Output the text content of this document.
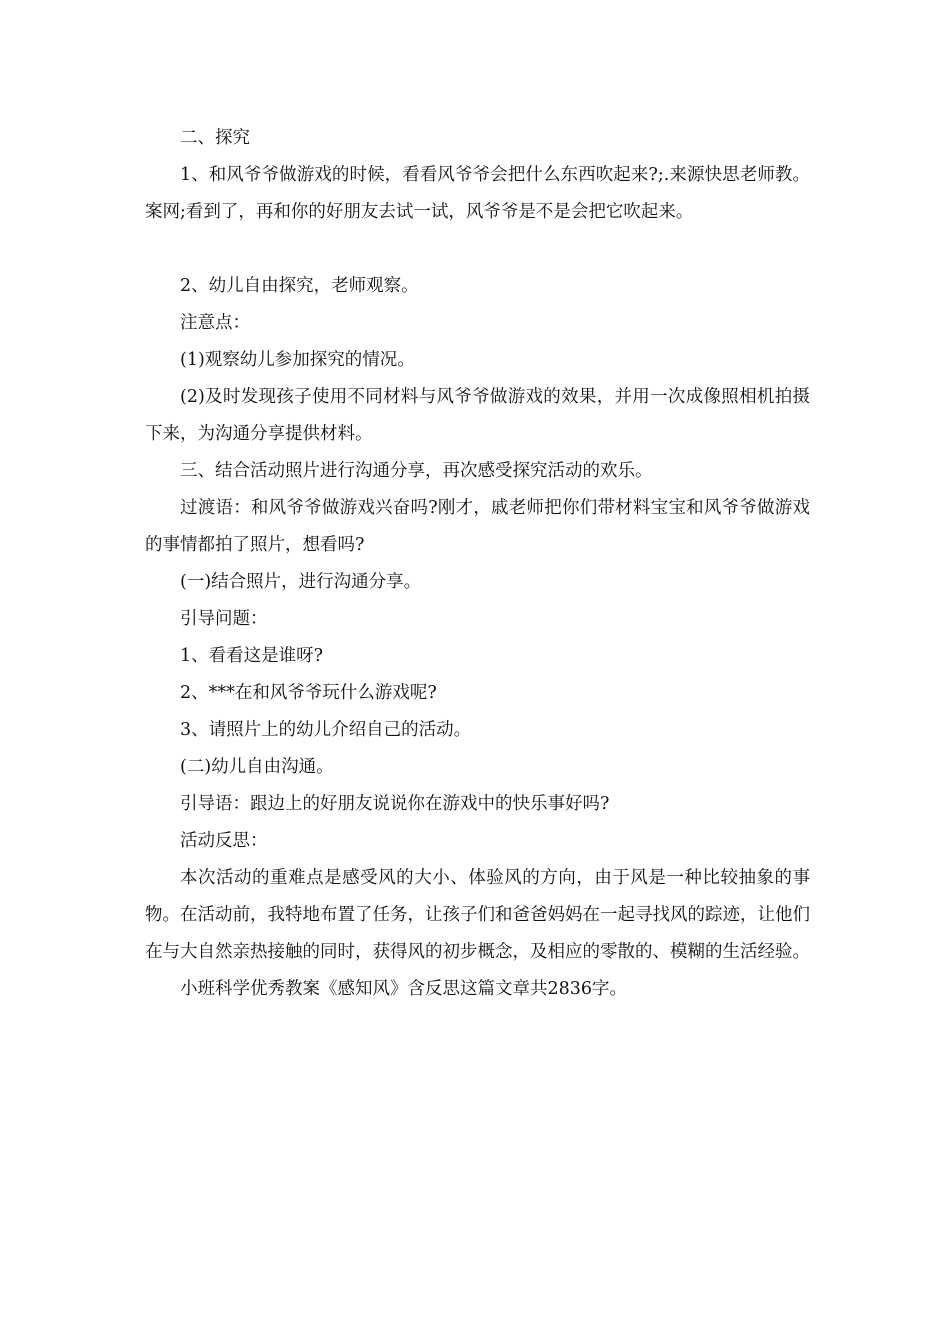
二、探究

1、和风爷爷做游戏的时候，看看风爷爷会把什么东西吹起来?;.来源快思老师教。案网;看到了，再和你的好朋友去试一试，风爷爷是不是会把它吹起来。

2、幼儿自由探究，老师观察。

注意点：

(1)观察幼儿参加探究的情况。

(2)及时发现孩子使用不同材料与风爷爷做游戏的效果，并用一次成像照相机拍摄下来，为沟通分享提供材料。

三、结合活动照片进行沟通分享，再次感受探究活动的欢乐。

过渡语：和风爷爷做游戏兴奋吗?刚才，戚老师把你们带材料宝宝和风爷爷做游戏的事情都拍了照片，想看吗?

(一)结合照片，进行沟通分享。

引导问题：

1、看看这是谁呀?

2、***在和风爷爷玩什么游戏呢?

3、请照片上的幼儿介绍自己的活动。

(二)幼儿自由沟通。

引导语：跟边上的好朋友说说你在游戏中的快乐事好吗?

活动反思：

本次活动的重难点是感受风的大小、体验风的方向，由于风是一种比较抽象的事物。在活动前，我特地布置了任务，让孩子们和爸爸妈妈在一起寻找风的踪迹，让他们在与大自然亲热接触的同时，获得风的初步概念，及相应的零散的、模糊的生活经验。

小班科学优秀教案《感知风》含反思这篇文章共2836字。
